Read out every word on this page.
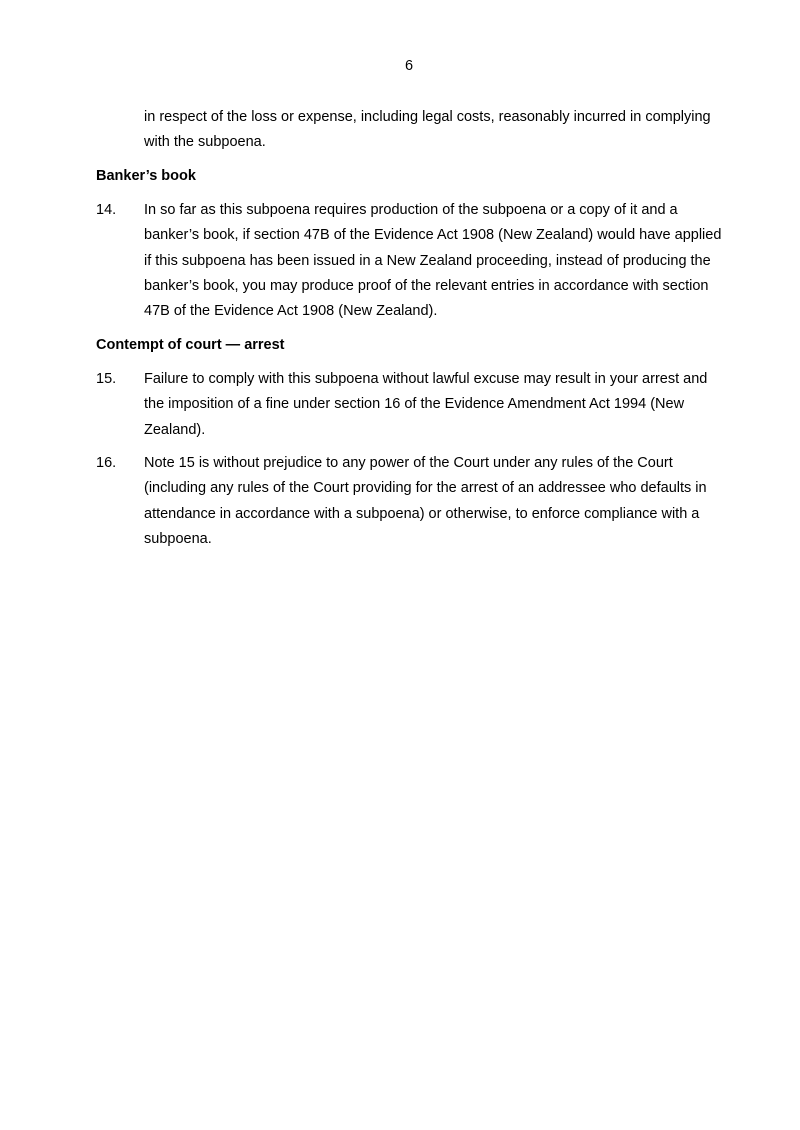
6

in respect of the loss or expense, including legal costs, reasonably incurred in complying with the subpoena.

Banker’s book
14.	In so far as this subpoena requires production of the subpoena or a copy of it and a banker’s book, if section 47B of the Evidence Act 1908 (New Zealand) would have applied if this subpoena has been issued in a New Zealand proceeding, instead of producing the banker’s book, you may produce proof of the relevant entries in accordance with section 47B of the Evidence Act 1908 (New Zealand).
Contempt of court — arrest
15.	Failure to comply with this subpoena without lawful excuse may result in your arrest and the imposition of a fine under section 16 of the Evidence Amendment Act 1994 (New Zealand).
16.	Note 15 is without prejudice to any power of the Court under any rules of the Court (including any rules of the Court providing for the arrest of an addressee who defaults in attendance in accordance with a subpoena) or otherwise, to enforce compliance with a subpoena.
